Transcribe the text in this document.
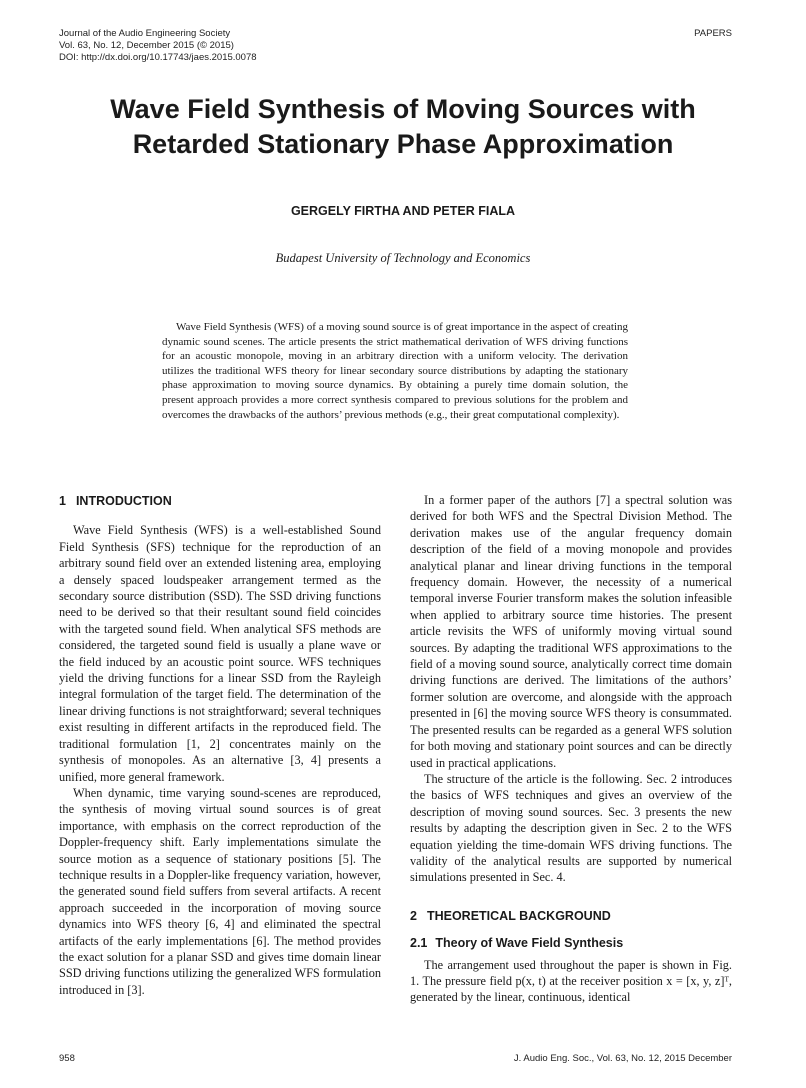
Journal of the Audio Engineering Society
Vol. 63, No. 12, December 2015 (© 2015)
DOI: http://dx.doi.org/10.17743/jaes.2015.0078
PAPERS
Wave Field Synthesis of Moving Sources with
Retarded Stationary Phase Approximation
GERGELY FIRTHA AND PETER FIALA
Budapest University of Technology and Economics

Wave Field Synthesis (WFS) of a moving sound source is of great importance in the aspect of creating dynamic sound scenes. The article presents the strict mathematical derivation of WFS driving functions for an acoustic monopole, moving in an arbitrary direction with a uniform velocity. The derivation utilizes the traditional WFS theory for linear secondary source distributions by adapting the stationary phase approximation to moving source dynamics. By obtaining a purely time domain solution, the present approach provides a more correct synthesis compared to previous solutions for the problem and overcomes the drawbacks of the authors’ previous methods (e.g., their great computational complexity).

1 INTRODUCTION

Wave Field Synthesis (WFS) is a well-established Sound Field Synthesis (SFS) technique for the reproduction of an arbitrary sound field over an extended listening area, employing a densely spaced loudspeaker arrangement termed as the secondary source distribution (SSD). The SSD driving functions need to be derived so that their resultant sound field coincides with the targeted sound field. When analytical SFS methods are considered, the targeted sound field is usually a plane wave or the field induced by an acoustic point source. WFS techniques yield the driving functions for a linear SSD from the Rayleigh integral formulation of the target field. The determination of the linear driving functions is not straightforward; several techniques exist resulting in different artifacts in the reproduced field. The traditional formulation [1, 2] concentrates mainly on the synthesis of monopoles. As an alternative [3, 4] presents a unified, more general framework.

When dynamic, time varying sound-scenes are reproduced, the synthesis of moving virtual sound sources is of great importance, with emphasis on the correct reproduction of the Doppler-frequency shift. Early implementations simulate the source motion as a sequence of stationary positions [5]. The technique results in a Doppler-like frequency variation, however, the generated sound field suffers from several artifacts. A recent approach succeeded in the incorporation of moving source dynamics into WFS theory [6, 4] and eliminated the spectral artifacts of the early implementations [6]. The method provides the exact solution for a planar SSD and gives time domain linear SSD driving functions utilizing the generalized WFS formulation introduced in [3].

In a former paper of the authors [7] a spectral solution was derived for both WFS and the Spectral Division Method. The derivation makes use of the angular frequency domain description of the field of a moving monopole and provides analytical planar and linear driving functions in the temporal frequency domain. However, the necessity of a numerical temporal inverse Fourier transform makes the solution infeasible when applied to arbitrary source time histories. The present article revisits the WFS of uniformly moving virtual sound sources. By adapting the traditional WFS approximations to the field of a moving sound source, analytically correct time domain driving functions are derived. The limitations of the authors’ former solution are overcome, and alongside with the approach presented in [6] the moving source WFS theory is consummated. The presented results can be regarded as a general WFS solution for both moving and stationary point sources and can be directly used in practical applications.

The structure of the article is the following. Sec. 2 introduces the basics of WFS techniques and gives an overview of the description of moving sound sources. Sec. 3 presents the new results by adapting the description given in Sec. 2 to the WFS equation yielding the time-domain WFS driving functions. The validity of the analytical results are supported by numerical simulations presented in Sec. 4.

2 THEORETICAL BACKGROUND
2.1 Theory of Wave Field Synthesis

The arrangement used throughout the paper is shown in Fig. 1. The pressure field p(x, t) at the receiver position x = [x, y, z]ᵀ, generated by the linear, continuous, identical

958	J. Audio Eng. Soc., Vol. 63, No. 12, 2015 December
